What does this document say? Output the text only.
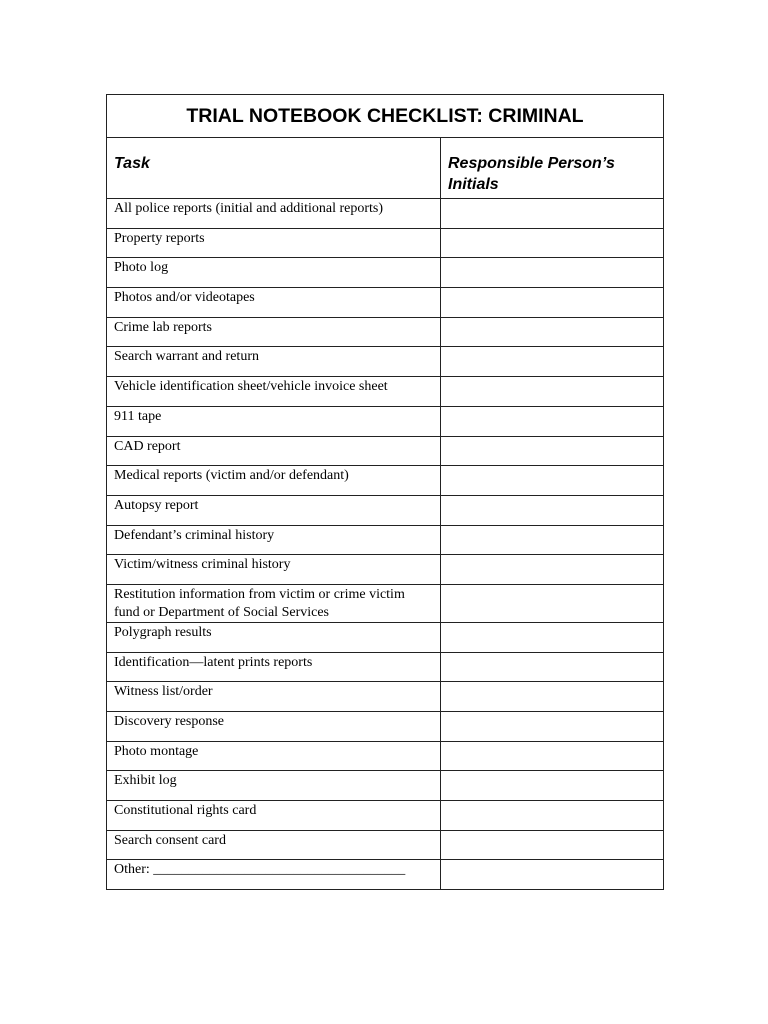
TRIAL NOTEBOOK CHECKLIST: CRIMINAL	
Task	Responsible Person’s Initials
All police reports (initial and additional reports)	
Property reports	
Photo log	
Photos and/or videotapes	
Crime lab reports	
Search warrant and return	
Vehicle identification sheet/vehicle invoice sheet	
911 tape	
CAD report	
Medical reports (victim and/or defendant)	
Autopsy report	
Defendant’s criminal history	
Victim/witness criminal history	
Restitution information from victim or crime victim fund or Department of Social Services	
Polygraph results	
Identification—latent prints reports	
Witness list/order	
Discovery response	
Photo montage	
Exhibit log	
Constitutional rights card	
Search consent card	
Other: ____________________________________	
